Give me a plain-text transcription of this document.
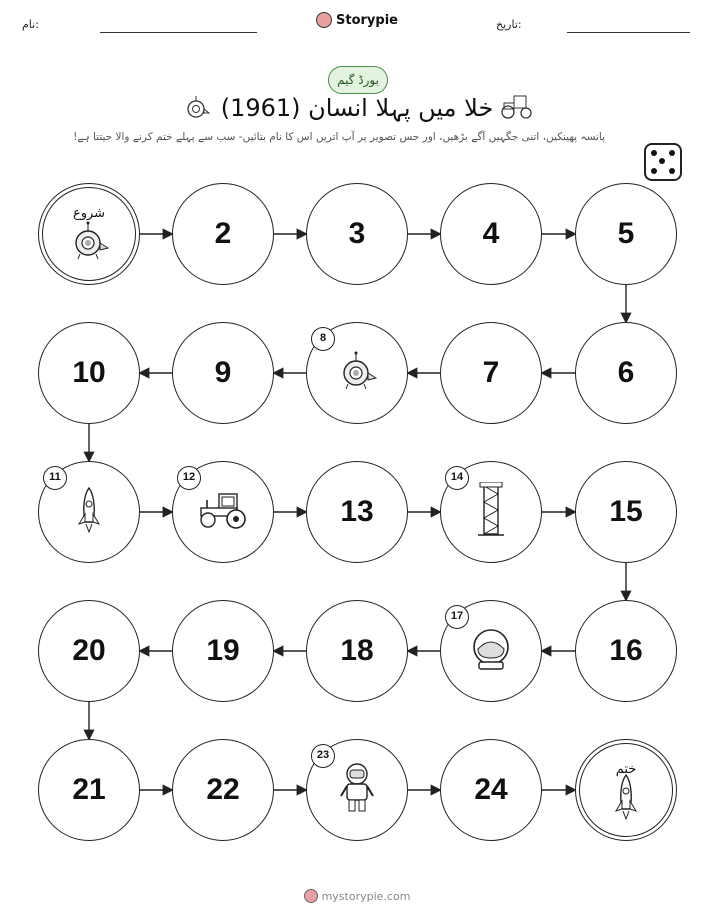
نام:	Storypie	تاریخ:
بورڈ گیم
خلا میں پہلا انسان (1961)
پانسہ پھینکیں، اتنی جگہیں آگے بڑھیں، اور جس تصویر پر آپ اتریں اس کا نام بتائیں- سب سے پہلے ختم کرنے والا جیتتا ہے!
شروع
2	3	4	5
6
7
8
9
10
11	12
13
14
15
16
17
18
19
20
21	22
23
24
ختم
mystorypie.com
